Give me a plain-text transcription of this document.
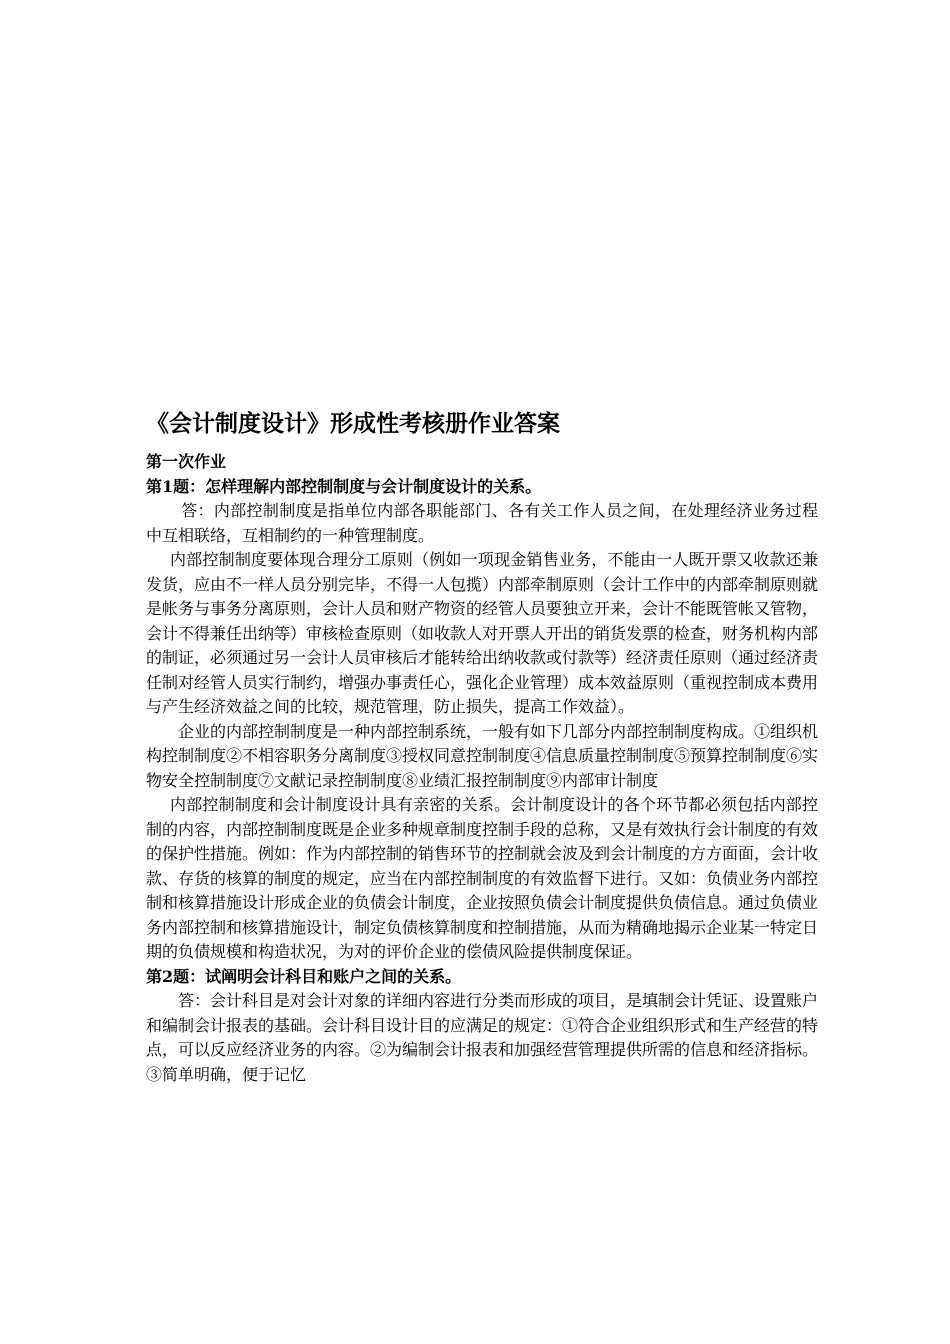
《会计制度设计》形成性考核册作业答案

第一次作业

第1题：怎样理解内部控制制度与会计制度设计的关系。

答：内部控制制度是指单位内部各职能部门、各有关工作人员之间，在处理经济业务过程中互相联络，互相制约的一种管理制度。

内部控制制度要体现合理分工原则（例如一项现金销售业务，不能由一人既开票又收款还兼发货，应由不一样人员分别完毕，不得一人包揽）内部牵制原则（会计工作中的内部牵制原则就是帐务与事务分离原则，会计人员和财产物资的经管人员要独立开来，会计不能既管帐又管物，会计不得兼任出纳等）审核检查原则（如收款人对开票人开出的销货发票的检查，财务机构内部的制证，必须通过另一会计人员审核后才能转给出纳收款或付款等）经济责任原则（通过经济责任制对经管人员实行制约，增强办事责任心，强化企业管理）成本效益原则（重视控制成本费用与产生经济效益之间的比较，规范管理，防止损失，提高工作效益）。

企业的内部控制制度是一种内部控制系统，一般有如下几部分内部控制制度构成。①组织机构控制制度②不相容职务分离制度③授权同意控制制度④信息质量控制制度⑤预算控制制度⑥实物安全控制制度⑦文献记录控制制度⑧业绩汇报控制制度⑨内部审计制度

内部控制制度和会计制度设计具有亲密的关系。会计制度设计的各个环节都必须包括内部控制的内容，内部控制制度既是企业多种规章制度控制手段的总称，又是有效执行会计制度的有效的保护性措施。例如：作为内部控制的销售环节的控制就会波及到会计制度的方方面面，会计收款、存货的核算的制度的规定，应当在内部控制制度的有效监督下进行。又如：负债业务内部控制和核算措施设计形成企业的负债会计制度，企业按照负债会计制度提供负债信息。通过负债业务内部控制和核算措施设计，制定负债核算制度和控制措施，从而为精确地揭示企业某一特定日期的负债规模和构造状况，为对的评价企业的偿债风险提供制度保证。

第2题：试阐明会计科目和账户之间的关系。

答：会计科目是对会计对象的详细内容进行分类而形成的项目，是填制会计凭证、设置账户和编制会计报表的基础。会计科目设计目的应满足的规定：①符合企业组织形式和生产经营的特点，可以反应经济业务的内容。②为编制会计报表和加强经营管理提供所需的信息和经济指标。③简单明确，便于记忆
